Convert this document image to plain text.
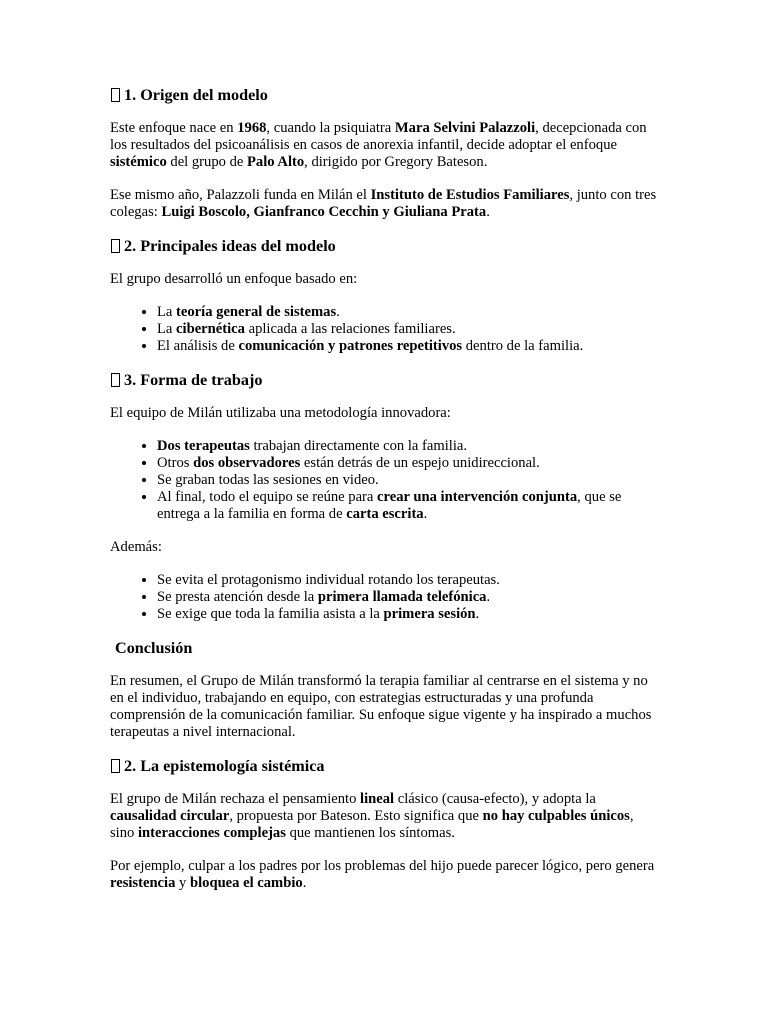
1. Origen del modelo

Este enfoque nace en 1968, cuando la psiquiatra Mara Selvini Palazzoli, decepcionada con los resultados del psicoanálisis en casos de anorexia infantil, decide adoptar el enfoque sistémico del grupo de Palo Alto, dirigido por Gregory Bateson.

Ese mismo año, Palazzoli funda en Milán el Instituto de Estudios Familiares, junto con tres colegas: Luigi Boscolo, Gianfranco Cecchin y Giuliana Prata.

2. Principales ideas del modelo

El grupo desarrolló un enfoque basado en:

• La teoría general de sistemas.
• La cibernética aplicada a las relaciones familiares.
• El análisis de comunicación y patrones repetitivos dentro de la familia.
3. Forma de trabajo

El equipo de Milán utilizaba una metodología innovadora:

• Dos terapeutas trabajan directamente con la familia.
• Otros dos observadores están detrás de un espejo unidireccional.
• Se graban todas las sesiones en video.
• Al final, todo el equipo se reúne para crear una intervención conjunta, que se entrega a la familia en forma de carta escrita.

Además:

• Se evita el protagonismo individual rotando los terapeutas.
• Se presta atención desde la primera llamada telefónica.
• Se exige que toda la familia asista a la primera sesión.
Conclusión

En resumen, el Grupo de Milán transformó la terapia familiar al centrarse en el sistema y no en el individuo, trabajando en equipo, con estrategias estructuradas y una profunda comprensión de la comunicación familiar. Su enfoque sigue vigente y ha inspirado a muchos terapeutas a nivel internacional.

2. La epistemología sistémica

El grupo de Milán rechaza el pensamiento lineal clásico (causa-efecto), y adopta la causalidad circular, propuesta por Bateson. Esto significa que no hay culpables únicos, sino interacciones complejas que mantienen los síntomas.

Por ejemplo, culpar a los padres por los problemas del hijo puede parecer lógico, pero genera resistencia y bloquea el cambio.
